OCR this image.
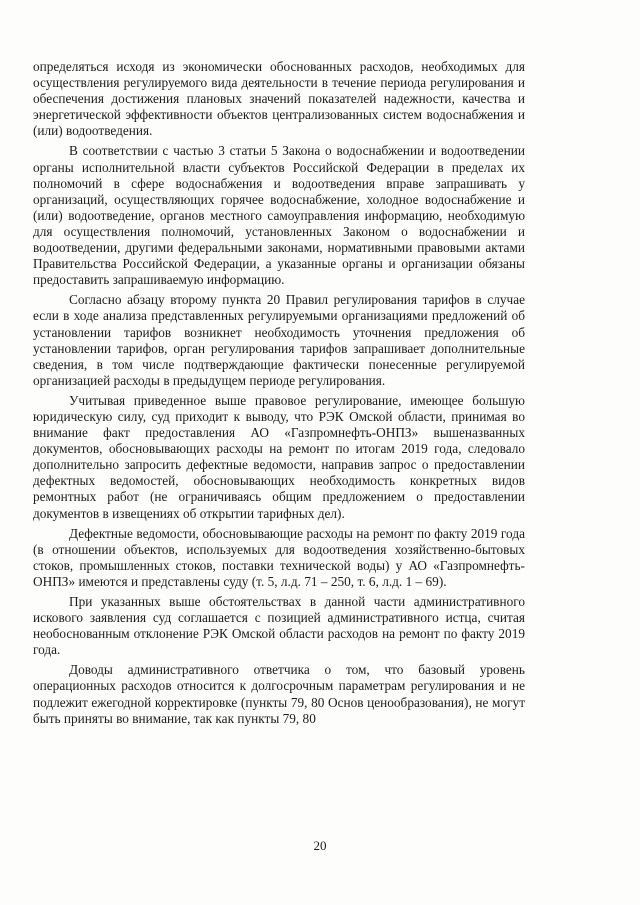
определяться исходя из экономически обоснованных расходов, необходимых для осуществления регулируемого вида деятельности в течение периода регулирования и обеспечения достижения плановых значений показателей надежности, качества и энергетической эффективности объектов централизованных систем водоснабжения и (или) водоотведения.

В соответствии с частью 3 статьи 5 Закона о водоснабжении и водоотведении органы исполнительной власти субъектов Российской Федерации в пределах их полномочий в сфере водоснабжения и водоотведения вправе запрашивать у организаций, осуществляющих горячее водоснабжение, холодное водоснабжение и (или) водоотведение, органов местного самоуправления информацию, необходимую для осуществления полномочий, установленных Законом о водоснабжении и водоотведении, другими федеральными законами, нормативными правовыми актами Правительства Российской Федерации, а указанные органы и организации обязаны предоставить запрашиваемую информацию.

Согласно абзацу второму пункта 20 Правил регулирования тарифов в случае если в ходе анализа представленных регулируемыми организациями предложений об установлении тарифов возникнет необходимость уточнения предложения об установлении тарифов, орган регулирования тарифов запрашивает дополнительные сведения, в том числе подтверждающие фактически понесенные регулируемой организацией расходы в предыдущем периоде регулирования.

Учитывая приведенное выше правовое регулирование, имеющее большую юридическую силу, суд приходит к выводу, что РЭК Омской области, принимая во внимание факт предоставления АО «Газпромнефть-ОНПЗ» вышеназванных документов, обосновывающих расходы на ремонт по итогам 2019 года, следовало дополнительно запросить дефектные ведомости, направив запрос о предоставлении дефектных ведомостей, обосновывающих необходимость конкретных видов ремонтных работ (не ограничиваясь общим предложением о предоставлении документов в извещениях об открытии тарифных дел).

Дефектные ведомости, обосновывающие расходы на ремонт по факту 2019 года (в отношении объектов, используемых для водоотведения хозяйственно-бытовых стоков, промышленных стоков, поставки технической воды) у АО «Газпромнефть-ОНПЗ» имеются и представлены суду (т. 5, л.д. 71 – 250, т. 6, л.д. 1 – 69).

При указанных выше обстоятельствах в данной части административного искового заявления суд соглашается с позицией административного истца, считая необоснованным отклонение РЭК Омской области расходов на ремонт по факту 2019 года.

Доводы административного ответчика о том, что базовый уровень операционных расходов относится к долгосрочным параметрам регулирования и не подлежит ежегодной корректировке (пункты 79, 80 Основ ценообразования), не могут быть приняты во внимание, так как пункты 79, 80

20
